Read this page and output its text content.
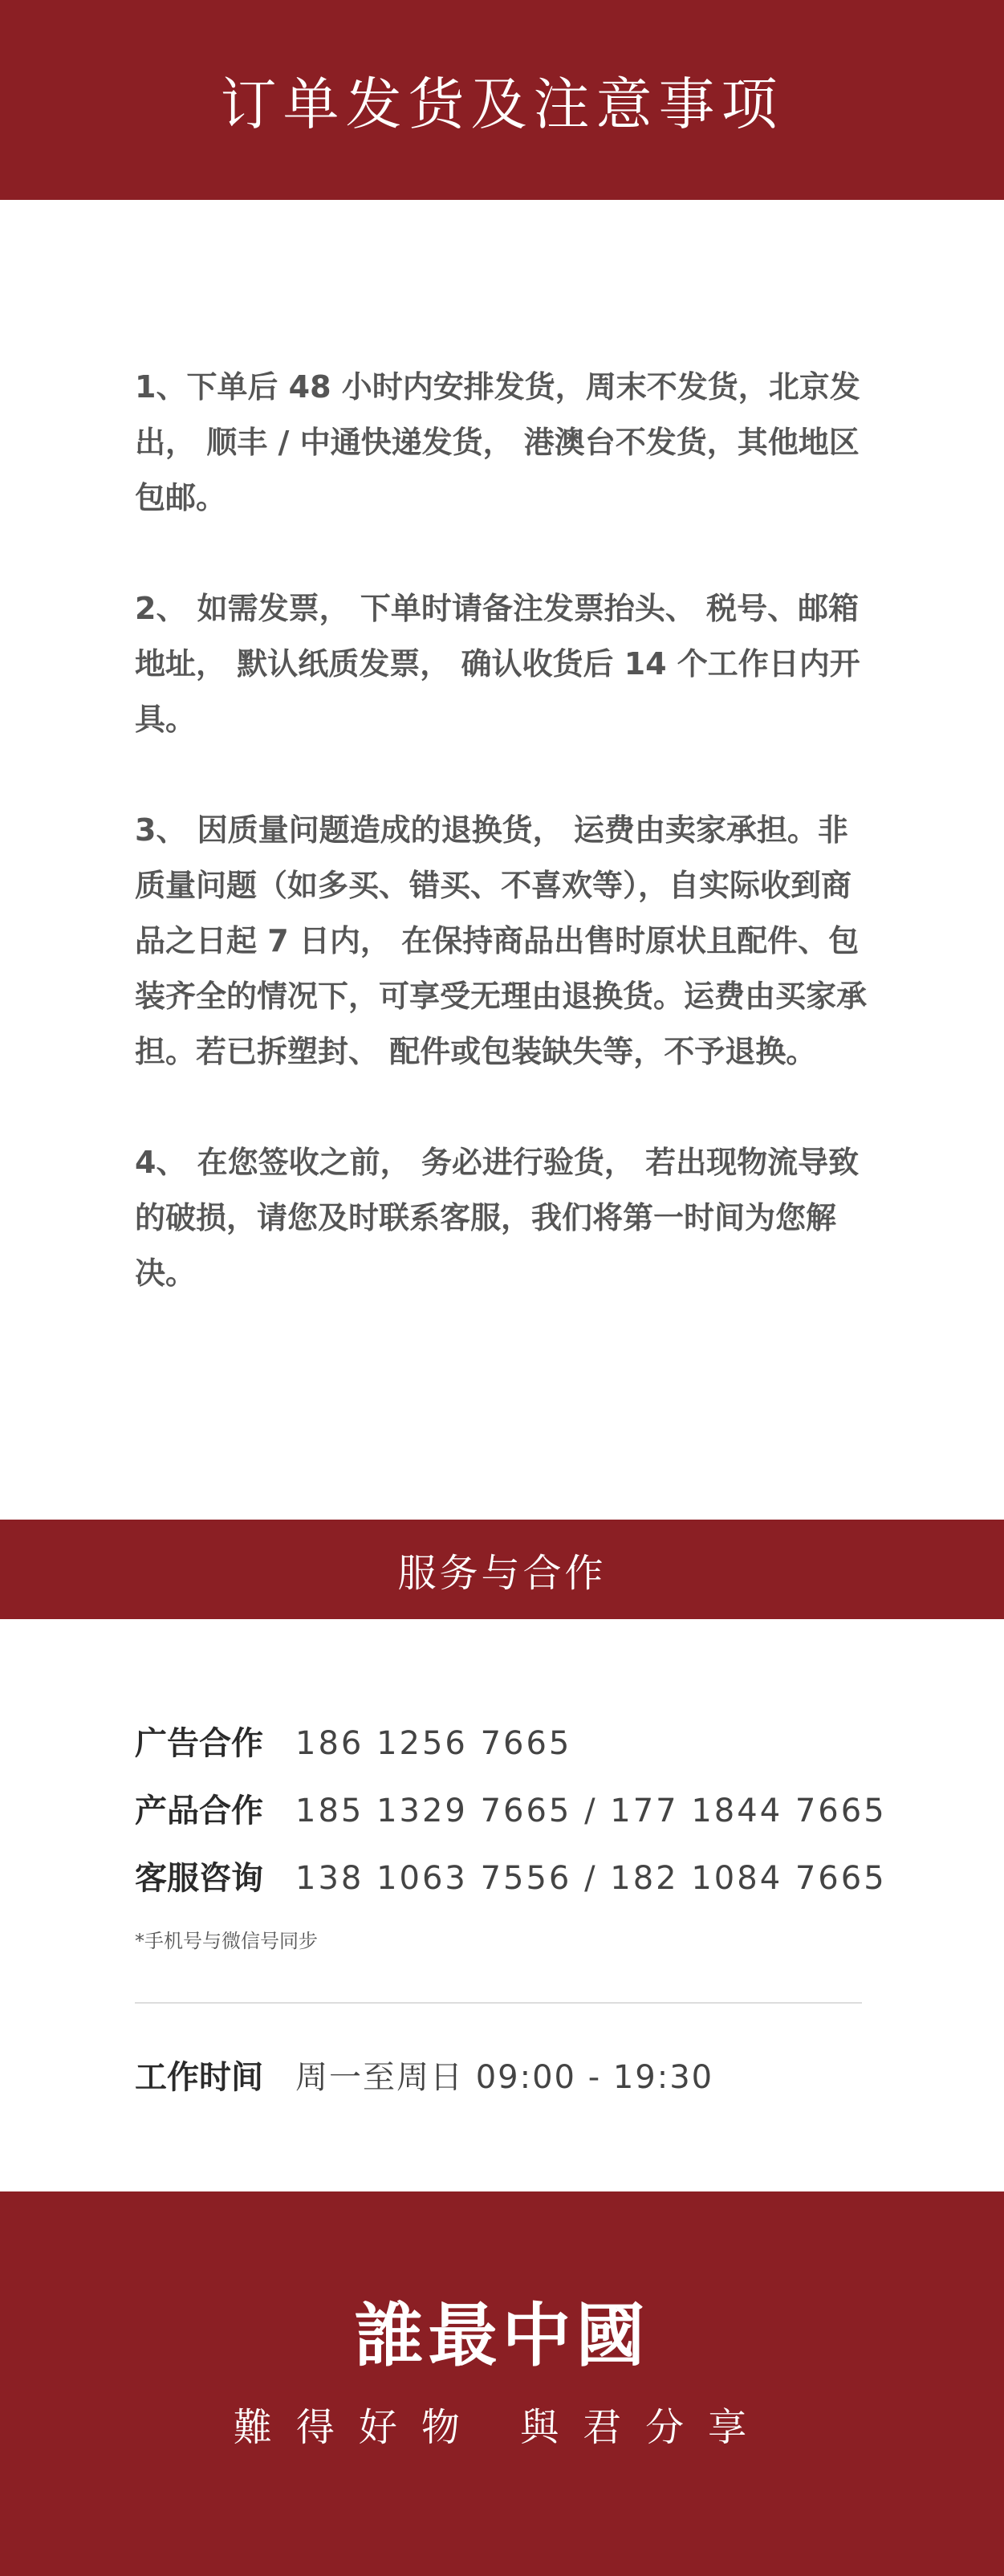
订单发货及注意事项

1、下单后 48 小时内安排发货，周末不发货，北京发出， 顺丰 / 中通快递发货， 港澳台不发货，其他地区包邮。

2、 如需发票， 下单时请备注发票抬头、 税号、邮箱地址， 默认纸质发票， 确认收货后 14 个工作日内开具。

3、 因质量问题造成的退换货， 运费由卖家承担。非质量问题（如多买、错买、不喜欢等），自实际收到商品之日起 7 日内， 在保持商品出售时原状且配件、包装齐全的情况下，可享受无理由退换货。运费由买家承担。若已拆塑封、 配件或包装缺失等，不予退换。

4、 在您签收之前， 务必进行验货， 若出现物流导致的破损，请您及时联系客服，我们将第一时间为您解决。

服务与合作
广告合作	186 1256 7665
产品合作	185 1329 7665 / 177 1844 7665
客服咨询	138 1063 7556 / 182 1084 7665

*手机号与微信号同步

工作时间	周一至周日 09:00 - 19:30
誰最中國

難得好物 與君分享
